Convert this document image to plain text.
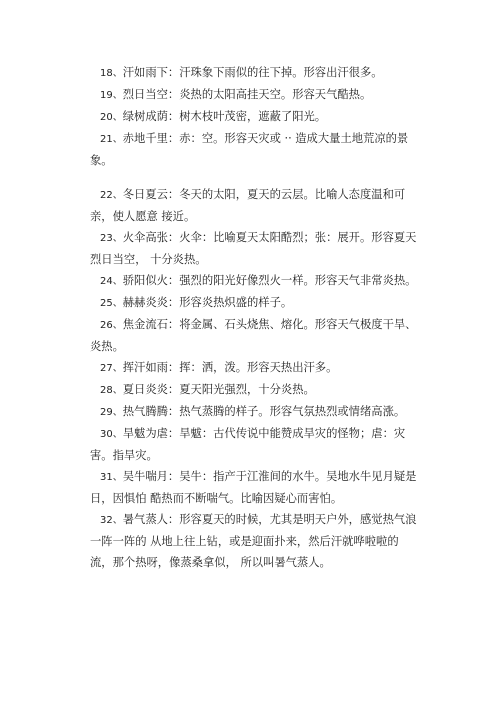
18、汗如雨下：汗珠象下雨似的往下掉。形容出汗很多。
19、烈日当空：炎热的太阳高挂天空。形容天气酷热。
20、绿树成荫：树木枝叶茂密，遮蔽了阳光。
21、赤地千里：赤：空。形容天灾或 ·· 造成大量土地荒凉的景象。
22、冬日夏云：冬天的太阳，夏天的云层。比喻人态度温和可亲，使人愿意 接近。
23、火伞高张：火伞：比喻夏天太阳酷烈；张：展开。形容夏天烈日当空， 十分炎热。
24、骄阳似火：强烈的阳光好像烈火一样。形容天气非常炎热。
25、赫赫炎炎：形容炎热炽盛的样子。
26、焦金流石：将金属、石头烧焦、熔化。形容天气极度干旱、炎热。
27、挥汗如雨：挥：洒，泼。形容天热出汗多。
28、夏日炎炎：夏天阳光强烈，十分炎热。
29、热气腾腾：热气蒸腾的样子。形容气氛热烈或情绪高涨。
30、旱魃为虐：旱魃：古代传说中能赞成旱灾的怪物；虐：灾害。指旱灾。
31、吴牛喘月：吴牛：指产于江淮间的水牛。吴地水牛见月疑是日，因惧怕 酷热而不断喘气。比喻因疑心而害怕。
32、暑气蒸人：形容夏天的时候，尤其是明天户外，感觉热气浪一阵一阵的 从地上往上钻，或是迎面扑来，然后汗就哗啦啦的流，那个热呀，像蒸桑拿似， 所以叫暑气蒸人。
